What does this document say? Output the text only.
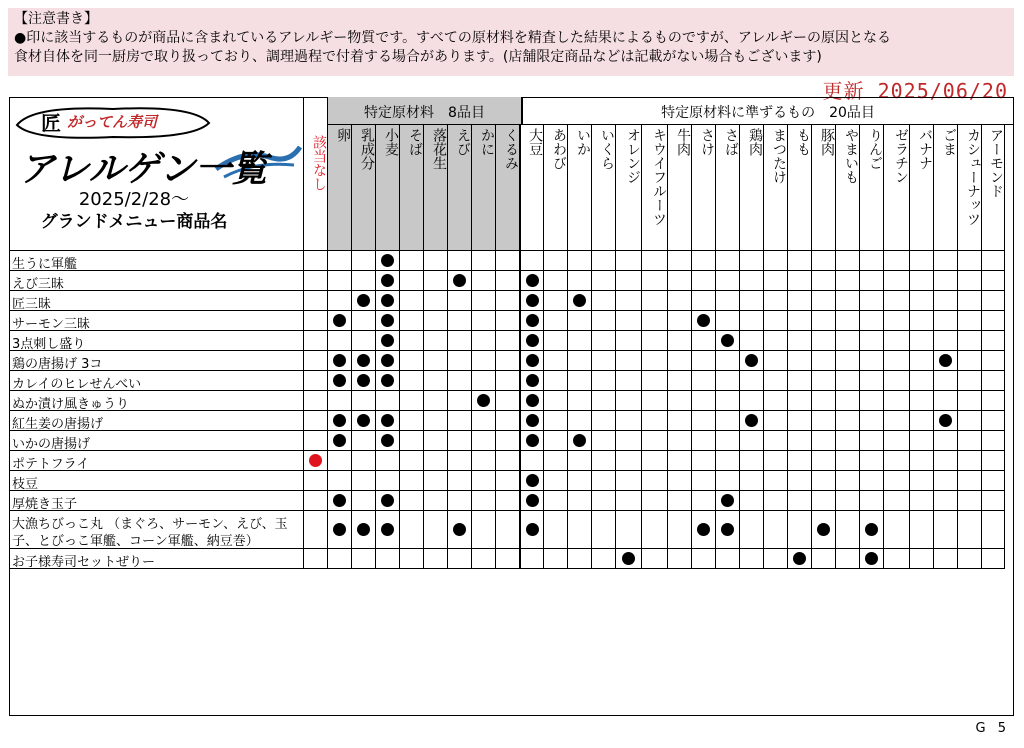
【注意書き】
●印に該当するものが商品に含まれているアレルギー物質です。すべての原材料を精査した結果によるものですが、アレルギーの原因となる
食材自体を同一厨房で取り扱っており、調理過程で付着する場合があります。(店舗限定商品などは記載がない場合もございます)
更新 2025/06/20
匠 がってん寿司
アレルゲン一覧
2025/2/28～
グランドメニュー商品名
該当なし
特定原材料　8品目	特定原材料に準ずるもの　20品目
卵 乳成分 小麦 そば 落花生 えび かに くるみ 大豆 あわび いか いくら オレンジ キウイフルーツ 牛肉 さけ さば 鶏肉 まつたけ もも 豚肉 やまいも りんご ゼラチン バナナ ごま カシューナッツ アーモンド
生うに軍艦
えび三昧
匠三昧
サーモン三昧
3点刺し盛り
鶏の唐揚げ 3コ
カレイのヒレせんべい
ぬか漬け風きゅうり
紅生姜の唐揚げ
いかの唐揚げ
ポテトフライ
枝豆
厚焼き玉子
大漁ちびっこ丸 （まぐろ、サーモン、えび、玉
子、とびっこ軍艦、コーン軍艦、納豆巻）
お子様寿司セットぜりー
G 5
